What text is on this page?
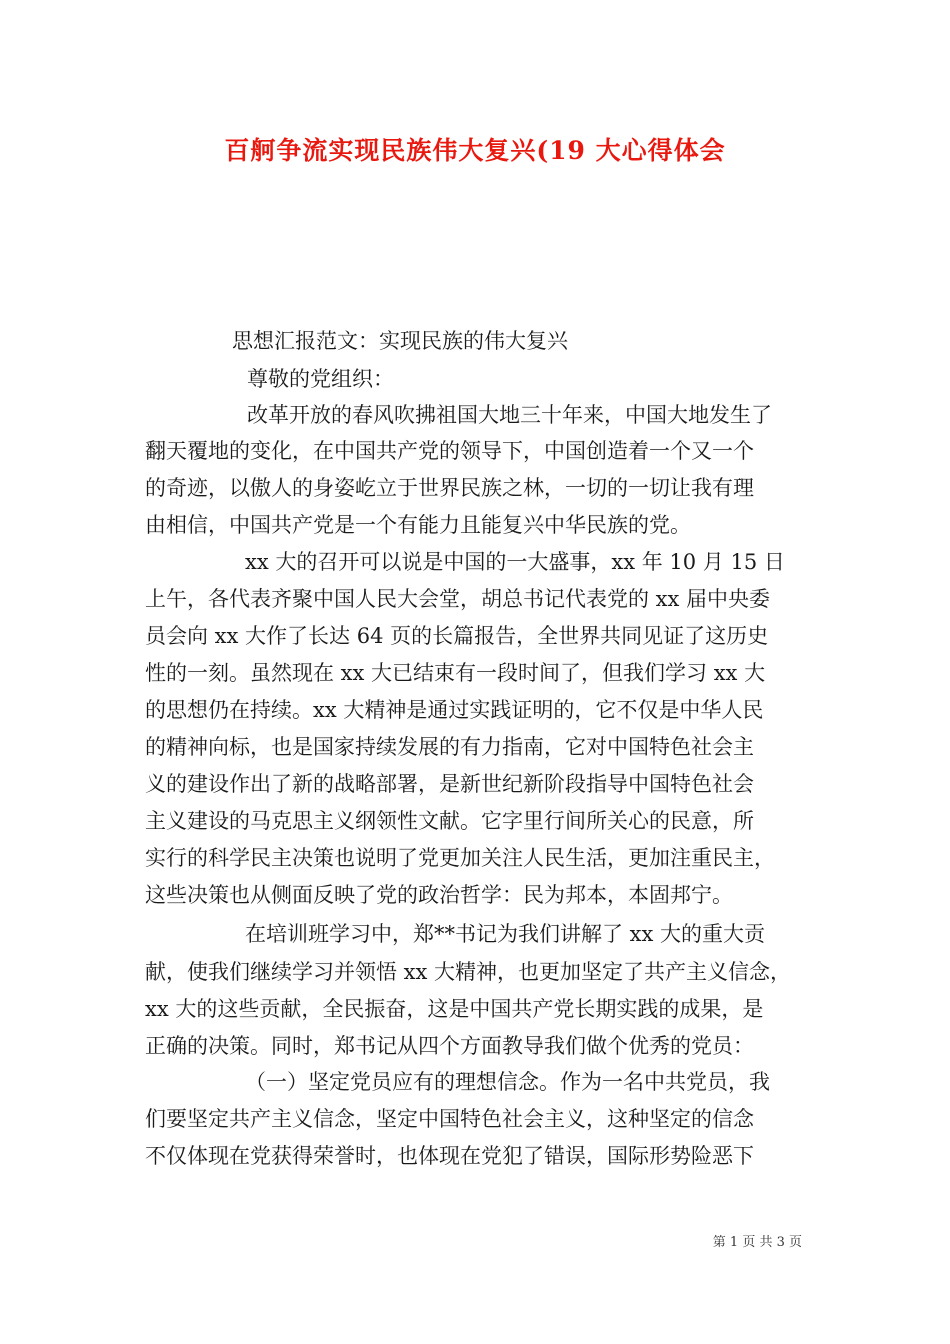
百舸争流实现民族伟大复兴(19 大心得体会
思想汇报范文：实现民族的伟大复兴
尊敬的党组织：
改革开放的春风吹拂祖国大地三十年来，中国大地发生了
翻天覆地的变化，在中国共产党的领导下，中国创造着一个又一个
的奇迹，以傲人的身姿屹立于世界民族之林，一切的一切让我有理
由相信，中国共产党是一个有能力且能复兴中华民族的党。
xx 大的召开可以说是中国的一大盛事，xx 年 10 月 15 日
上午，各代表齐聚中国人民大会堂，胡总书记代表党的 xx 届中央委
员会向 xx 大作了长达 64 页的长篇报告，全世界共同见证了这历史
性的一刻。虽然现在 xx 大已结束有一段时间了，但我们学习 xx 大
的思想仍在持续。xx 大精神是通过实践证明的，它不仅是中华人民
的精神向标，也是国家持续发展的有力指南，它对中国特色社会主
义的建设作出了新的战略部署，是新世纪新阶段指导中国特色社会
主义建设的马克思主义纲领性文献。它字里行间所关心的民意，所
实行的科学民主决策也说明了党更加关注人民生活，更加注重民主，
这些决策也从侧面反映了党的政治哲学：民为邦本，本固邦宁。
在培训班学习中，郑**书记为我们讲解了 xx 大的重大贡
献，使我们继续学习并领悟 xx 大精神，也更加坚定了共产主义信念，
xx 大的这些贡献，全民振奋，这是中国共产党长期实践的成果，是
正确的决策。同时，郑书记从四个方面教导我们做个优秀的党员：
（一）坚定党员应有的理想信念。作为一名中共党员，我
们要坚定共产主义信念，坚定中国特色社会主义，这种坚定的信念
不仅体现在党获得荣誉时，也体现在党犯了错误，国际形势险恶下
第 1 页 共 3 页
